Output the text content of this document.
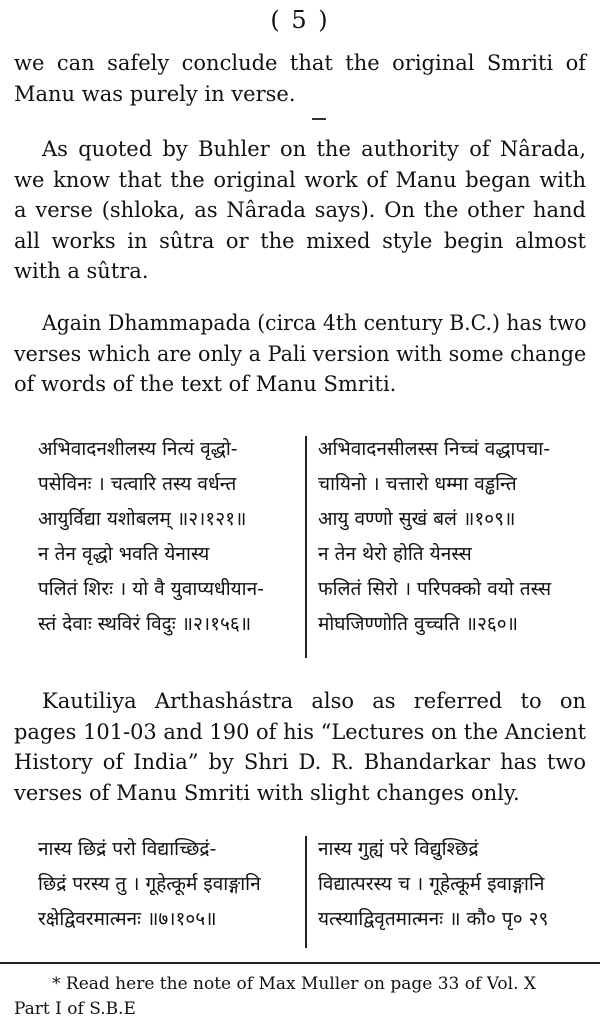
( 5 )
we can safely conclude that the original Smriti of
Manu was purely in verse.
As quoted by Buhler on the authority of Nârada,
we know that the original work of Manu began with
a verse (shloka, as Nârada says). On the other hand
all works in sûtra or the mixed style begin almost
with a sûtra.
Again Dhammapada (circa 4th century B.C.) has two
verses which are only a Pali version with some change
of words of the text of Manu Smriti.
अभिवादनशीलस्य नित्यं वृद्धो-
पसेविनः । चत्वारि तस्य वर्धन्त
आयुर्विद्या यशोबलम् ॥२।१२१॥
न तेन वृद्धो भवति येनास्य
पलितं शिरः । यो वै युवाप्यधीयान-
स्तं देवाः स्थविरं विदुः ॥२।१५६॥
अभिवादनसीलस्स निच्चं वद्धापचा-
चायिनो । चत्तारो धम्मा वड्ढन्ति
आयु वण्णो सुखं बलं ॥१०९॥
न तेन थेरो होति येनस्स
फलितं सिरो । परिपक्को वयो तस्स
मोघजिण्णोति वुच्चति ॥२६०॥
Kautiliya Arthashástra also as referred to on
pages 101-03 and 190 of his “Lectures on the Ancient
History of India” by Shri D. R. Bhandarkar has two
verses of Manu Smriti with slight changes only.
नास्य छिद्रं परो विद्याच्छिद्रं-
छिद्रं परस्य तु । गूहेत्कूर्म इवाङ्गानि
रक्षेद्विवरमात्मनः ॥७।१०५॥
नास्य गुह्यं परे विद्युश्छिद्रं
विद्यात्परस्य च । गूहेत्कूर्म इवाङ्गानि
यत्स्याद्विवृतमात्मनः ॥ कौ० पृ० २९
* Read here the note of Max Muller on page 33 of Vol. X
Part I of S.B.E
